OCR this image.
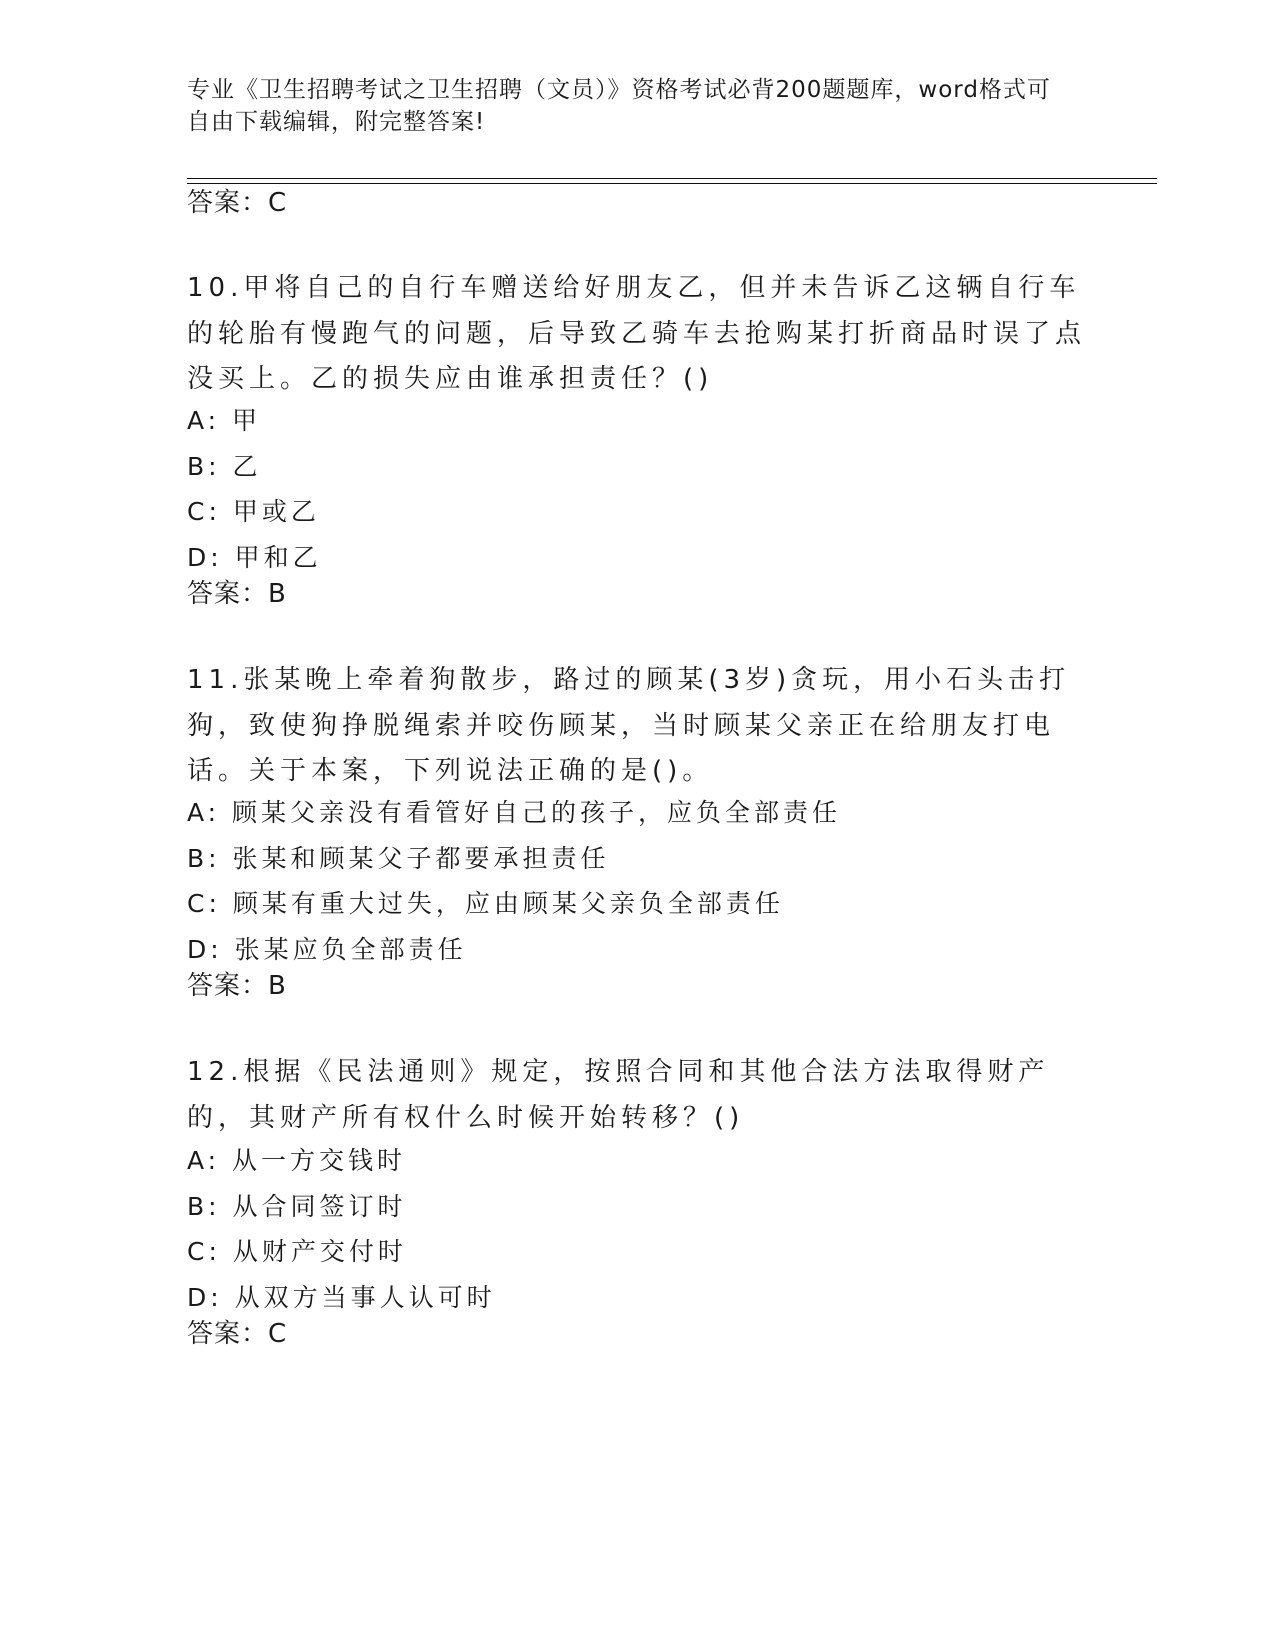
专业《卫生招聘考试之卫生招聘（文员）》资格考试必背200题题库，word格式可自由下载编辑，附完整答案!
答案：C
10.甲将自己的自行车赠送给好朋友乙，但并未告诉乙这辆自行车的轮胎有慢跑气的问题，后导致乙骑车去抢购某打折商品时误了点没买上。乙的损失应由谁承担责任？()
A: 甲
B: 乙
C: 甲或乙
D: 甲和乙
答案：B
11.张某晚上牵着狗散步，路过的顾某(3岁)贪玩，用小石头击打狗，致使狗挣脱绳索并咬伤顾某，当时顾某父亲正在给朋友打电话。关于本案，下列说法正确的是()。
A: 顾某父亲没有看管好自己的孩子，应负全部责任
B: 张某和顾某父子都要承担责任
C: 顾某有重大过失，应由顾某父亲负全部责任
D: 张某应负全部责任
答案：B
12.根据《民法通则》规定，按照合同和其他合法方法取得财产的，其财产所有权什么时候开始转移？()
A: 从一方交钱时
B: 从合同签订时
C: 从财产交付时
D: 从双方当事人认可时
答案：C
